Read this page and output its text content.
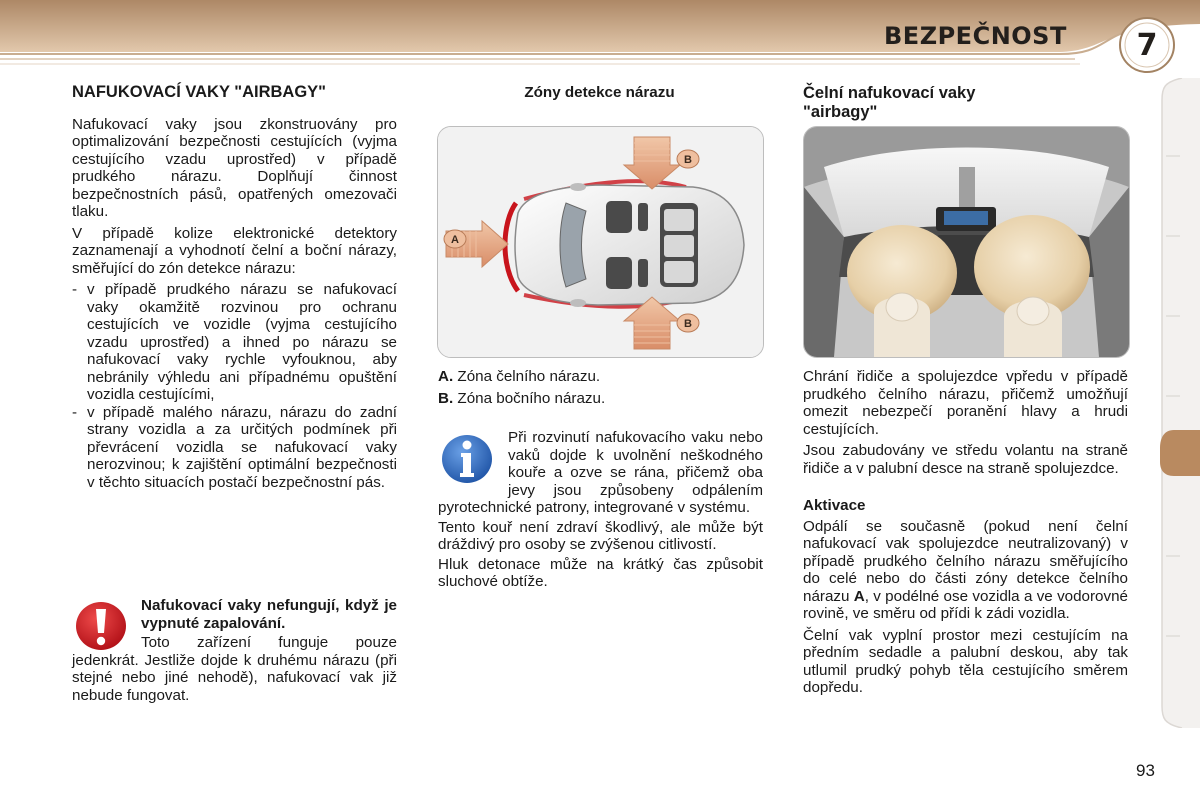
BEZPEČNOST	7
NAFUKOVACÍ VAKY "AIRBAGY"

Nafukovací vaky jsou zkonstruovány pro optimalizování bezpečnosti cestujících (vyjma cestujícího vzadu uprostřed) v případě prudkého nárazu. Doplňují činnost bezpečnostních pásů, opatřených omezovači tlaku.

V případě kolize elektronické detektory zaznamenají a vyhodnotí čelní a boční nárazy, směřující do zón detekce nárazu:

- v případě prudkého nárazu se nafukovací vaky okamžitě rozvinou pro ochranu cestujících ve vozidle (vyjma cestujícího vzadu uprostřed) a ihned po nárazu se nafukovací vaky rychle vyfouknou, aby nebránily výhledu ani případnému opuštění vozidla cestujícími,
- v případě malého nárazu, nárazu do zadní strany vozidla a za určitých podmínek při převrácení vozidla se nafukovací vaky nerozvinou; k zajištění optimální bezpečnosti v těchto situacích postačí bezpečnostní pás.
Nafukovací vaky nefungují, když je vypnuté zapalování.

Toto zařízení funguje pouze jedenkrát. Jestliže dojde k druhému nárazu (při stejné nebo jiné nehodě), nafukovací vak již nebude fungovat.

Zóny detekce nárazu
A
B
B
A. Zóna čelního nárazu.
B. Zóna bočního nárazu.

Při rozvinutí nafukovacího vaku nebo vaků dojde k uvolnění neškodného kouře a ozve se rána, přičemž oba jevy jsou způsobeny odpálením pyrotechnické patrony, integrované v systému.

Tento kouř není zdraví škodlivý, ale může být dráždivý pro osoby se zvýšenou citlivostí.

Hluk detonace může na krátký čas způsobit sluchové obtíže.

Čelní nafukovací vaky "airbagy"

Chrání řidiče a spolujezdce vpředu v případě prudkého čelního nárazu, přičemž umožňují omezit nebezpečí poranění hlavy a hrudi cestujících.

Jsou zabudovány ve středu volantu na straně řidiče a v palubní desce na straně spolujezdce.

Aktivace

Odpálí se současně (pokud není čelní nafukovací vak spolujezdce neutralizovaný) v případě prudkého čelního nárazu směřujícího do celé nebo do části zóny detekce čelního nárazu A, v podélné ose vozidla a ve vodorovné rovině, ve směru od přídi k zádi vozidla.

Čelní vak vyplní prostor mezi cestujícím na předním sedadle a palubní deskou, aby tak utlumil prudký pohyb těla cestujícího směrem dopředu.

93
